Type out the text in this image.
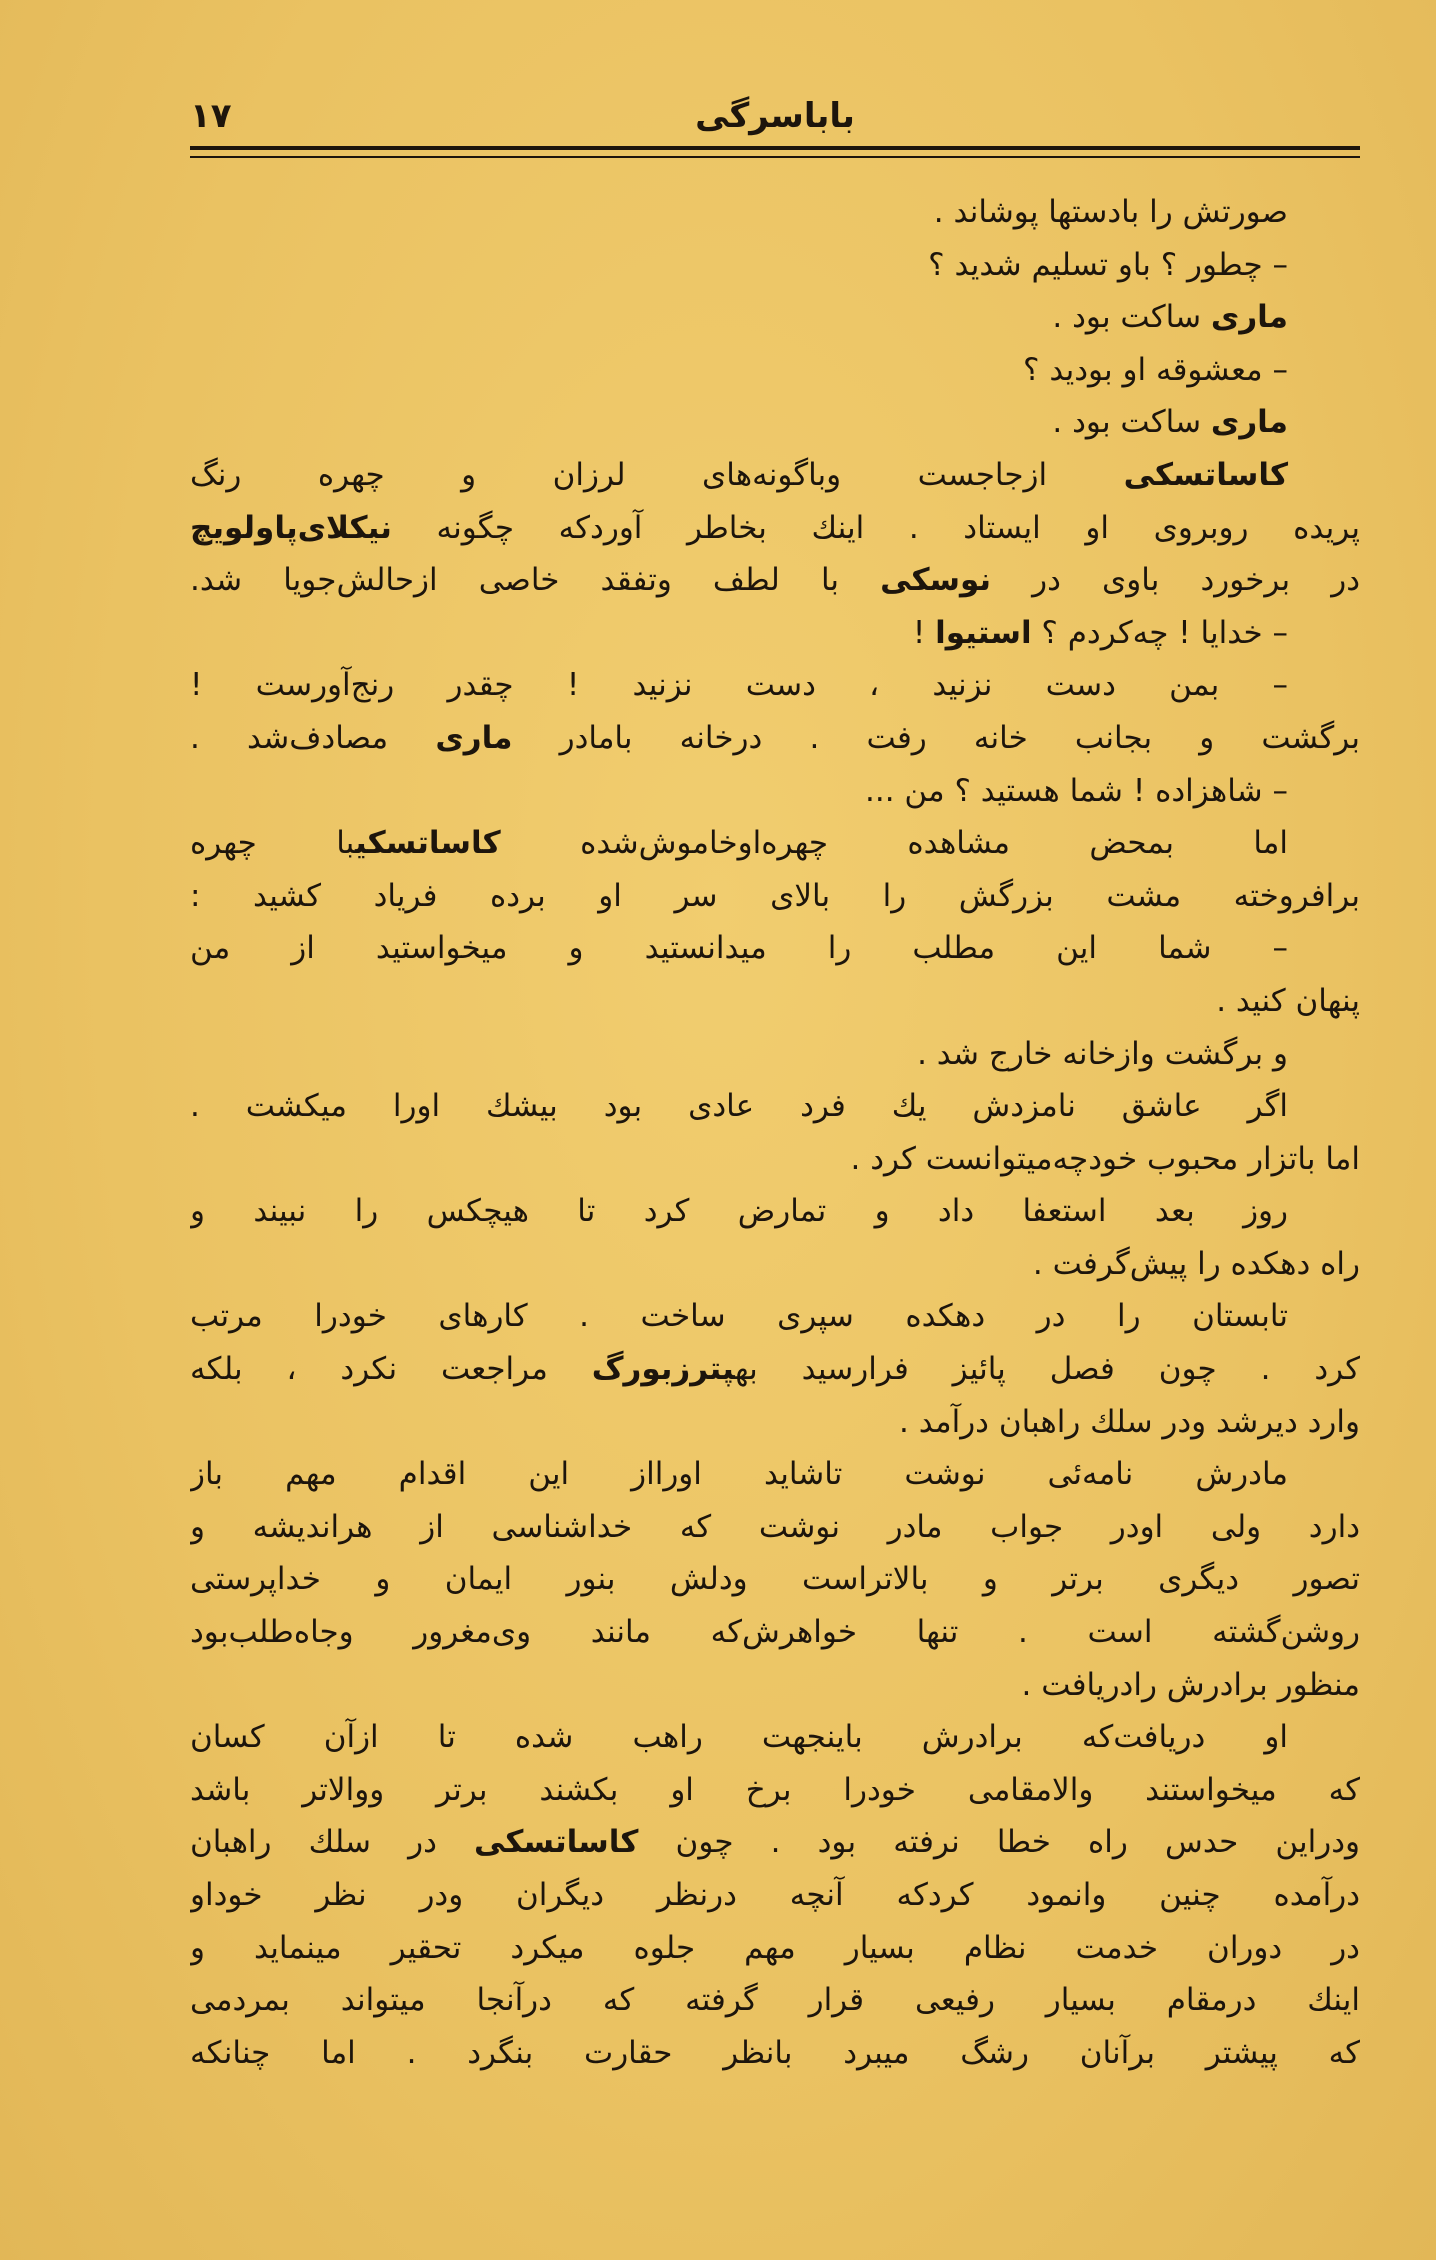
١٧	باباسرگی
صورتش را بادستها پوشاند .
– چطور ؟ باو تسلیم شدید ؟
ماری ساکت بود .
– معشوقه او بودید ؟
ماری ساکت بود .
کاساتسکی ازجاجست وباگونه‌های لرزان و چهره رنگ
پریده روبروی او ایستاد . اینك بخاطر آوردکه چگونه نیکلای‌پاولویچ
در برخورد باوی در نوسکی با لطف وتفقد خاصی ازحالش‌جویا شد.
– خدایا ! چه‌کردم ؟ استیوا !
– بمن دست نزنید ، دست نزنید ! چقدر رنج‌آورست !
برگشت و بجانب خانه رفت . درخانه بامادر ماری مصادف‌شد .
– شاهزاده ! شما هستید ؟ من ...
اما بمحض مشاهده چهره‌اوخاموش‌شده کاساتسکیبا چهره
برافروخته مشت بزرگش را بالای سر او برده فریاد کشید :
– شما این مطلب را میدانستید و میخواستید از من
پنهان کنید .
و برگشت وازخانه خارج شد .
اگر عاشق نامزدش یك فرد عادی بود بیشك اورا میکشت .
اما باتزار محبوب خودچه‌میتوانست کرد .
روز بعد استعفا داد و تمارض کرد تا هیچکس را نبیند و
راه دهکده را پیش‌گرفت .
تابستان را در دهکده سپری ساخت . کارهای خودرا مرتب
کرد . چون فصل پائیز فرارسید بهپترزبورگ مراجعت نکرد ، بلکه
وارد دیرشد ودر سلك راهبان درآمد .
مادرش نامه‌ئی نوشت تاشاید اورااز این اقدام مهم باز
دارد ولی اودر جواب مادر نوشت که خداشناسی از هراندیشه و
تصور دیگری برتر و بالاتراست ودلش بنور ایمان و خداپرستی
روشن‌گشته است . تنها خواهرش‌که مانند وی‌مغرور وجاه‌طلب‌بود
منظور برادرش رادریافت .
او دریافت‌که برادرش باینجهت راهب شده تا ازآن کسان
که میخواستند والامقامی خودرا برخ او بکشند برتر ووالاتر باشد
ودراین حدس راه خطا نرفته بود . چون کاساتسکی در سلك راهبان
درآمده چنین وانمود کردکه آنچه درنظر دیگران ودر نظر خوداو
در دوران خدمت نظام بسیار مهم جلوه میکرد تحقیر مینماید و
اینك درمقام بسیار رفیعی قرار گرفته که درآنجا میتواند بمردمی
که پیشتر برآنان رشگ میبرد بانظر حقارت بنگرد . اما چنانکه
